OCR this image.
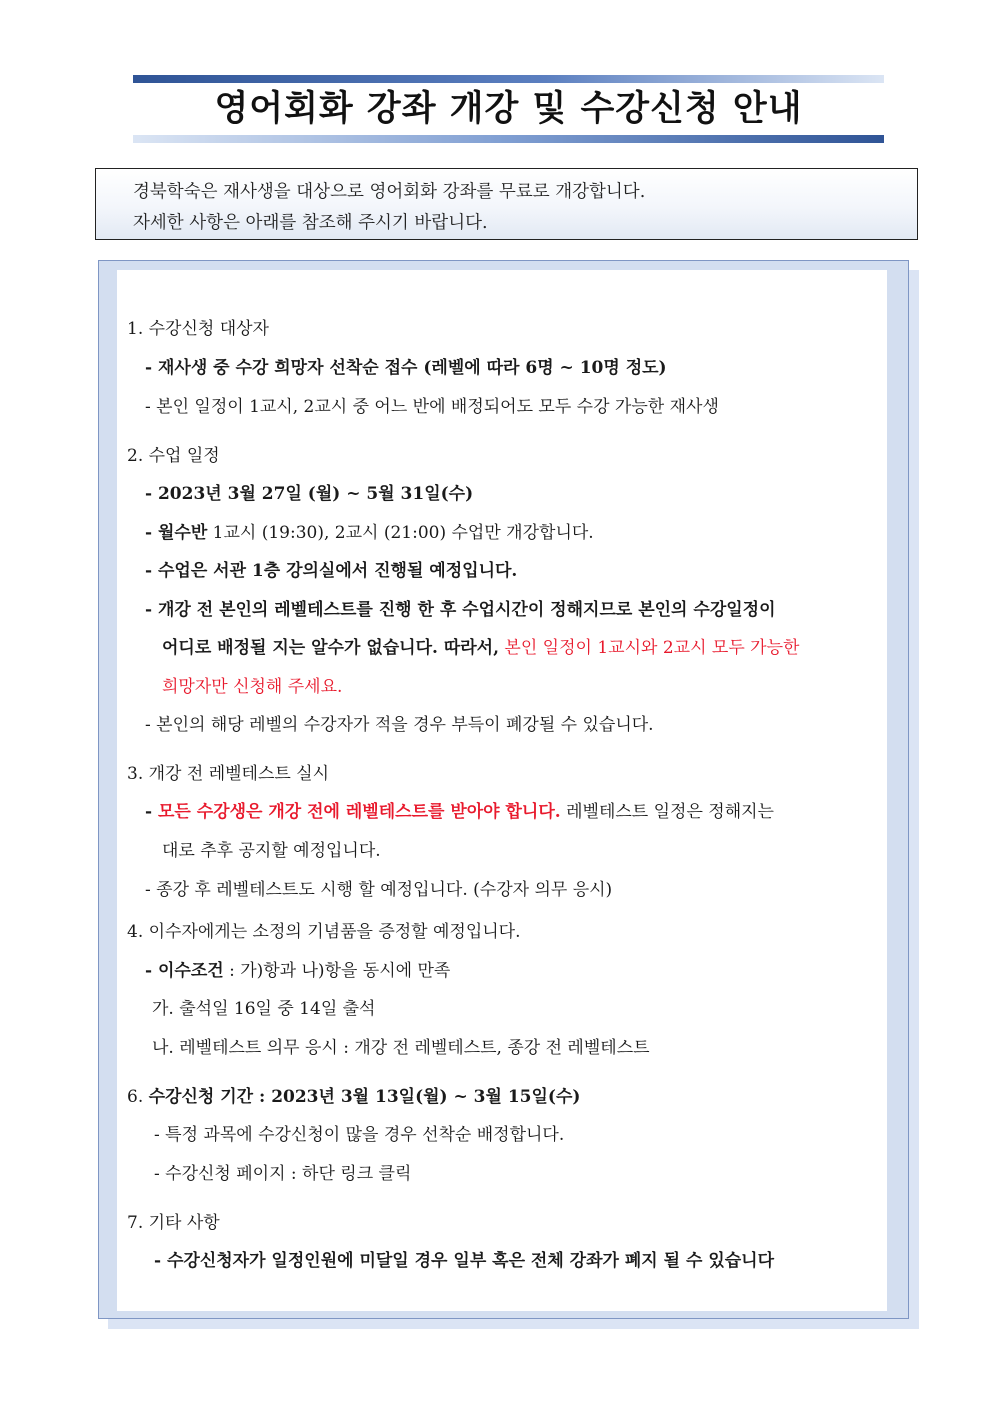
영어회화 강좌 개강 및 수강신청 안내

경북학숙은 재사생을 대상으로 영어회화 강좌를 무료로 개강합니다.

자세한 사항은 아래를 참조해 주시기 바랍니다.

1. 수강신청 대상자

- 재사생 중 수강 희망자 선착순 접수 (레벨에 따라 6명 ~ 10명 정도)

- 본인 일정이 1교시, 2교시 중 어느 반에 배정되어도 모두 수강 가능한 재사생

2. 수업 일정

- 2023년 3월 27일 (월) ~ 5월 31일(수)

- 월수반 1교시 (19:30), 2교시 (21:00) 수업만 개강합니다.

- 수업은 서관 1층 강의실에서 진행될 예정입니다.

- 개강 전 본인의 레벨테스트를 진행 한 후 수업시간이 정해지므로 본인의 수강일정이

어디로 배정될 지는 알수가 없습니다. 따라서, 본인 일정이 1교시와 2교시 모두 가능한

희망자만 신청해 주세요.

- 본인의 해당 레벨의 수강자가 적을 경우 부득이 폐강될 수 있습니다.

3. 개강 전 레벨테스트 실시

- 모든 수강생은 개강 전에 레벨테스트를 받아야 합니다. 레벨테스트 일정은 정해지는

대로 추후 공지할 예정입니다.

- 종강 후 레벨테스트도 시행 할 예정입니다. (수강자 의무 응시)

4. 이수자에게는 소정의 기념품을 증정할 예정입니다.

- 이수조건 : 가)항과 나)항을 동시에 만족

가. 출석일 16일 중 14일 출석

나. 레벨테스트 의무 응시 : 개강 전 레벨테스트, 종강 전 레벨테스트

6. 수강신청 기간 : 2023년 3월 13일(월) ~ 3월 15일(수)

- 특정 과목에 수강신청이 많을 경우 선착순 배정합니다.

- 수강신청 페이지 : 하단 링크 클릭

7. 기타 사항

- 수강신청자가 일정인원에 미달일 경우 일부 혹은 전체 강좌가 폐지 될 수 있습니다
